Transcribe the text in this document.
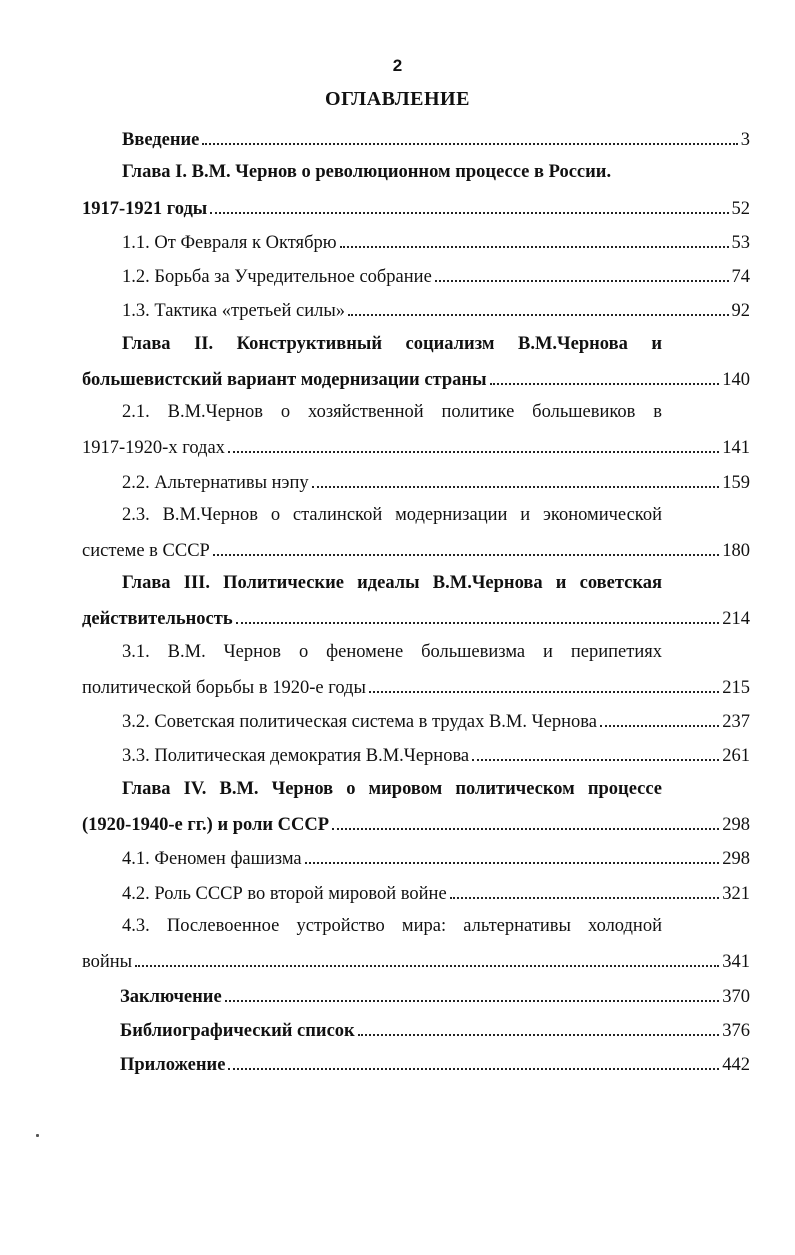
2
ОГЛАВЛЕНИЕ
Введение	3
Глава I. В.М. Чернов о революционном процессе в России.
1917-1921 годы	52
1.1. От Февраля к Октябрю	53
1.2. Борьба за Учредительное собрание	74
1.3. Тактика «третьей силы»	92
Глава II. Конструктивный социализм В.М.Чернова и
большевистский вариант модернизации страны	140
2.1. В.М.Чернов о хозяйственной политике большевиков в
1917-1920-х годах	141
2.2. Альтернативы нэпу	159
2.3. В.М.Чернов о сталинской модернизации и экономической
системе в СССР	180
Глава III. Политические идеалы В.М.Чернова и советская
действительность	214
3.1. В.М. Чернов о феномене большевизма и перипетиях
политической борьбы в 1920-е годы	215
3.2. Советская политическая система в трудах В.М. Чернова	237
3.3. Политическая демократия В.М.Чернова	261
Глава IV. В.М. Чернов о мировом политическом процессе
(1920-1940-е гг.) и роли СССР	298
4.1. Феномен фашизма	298
4.2. Роль СССР во второй мировой войне	321
4.3. Послевоенное устройство мира: альтернативы холодной
войны	341
Заключение	370
Библиографический список	376
Приложение	442
